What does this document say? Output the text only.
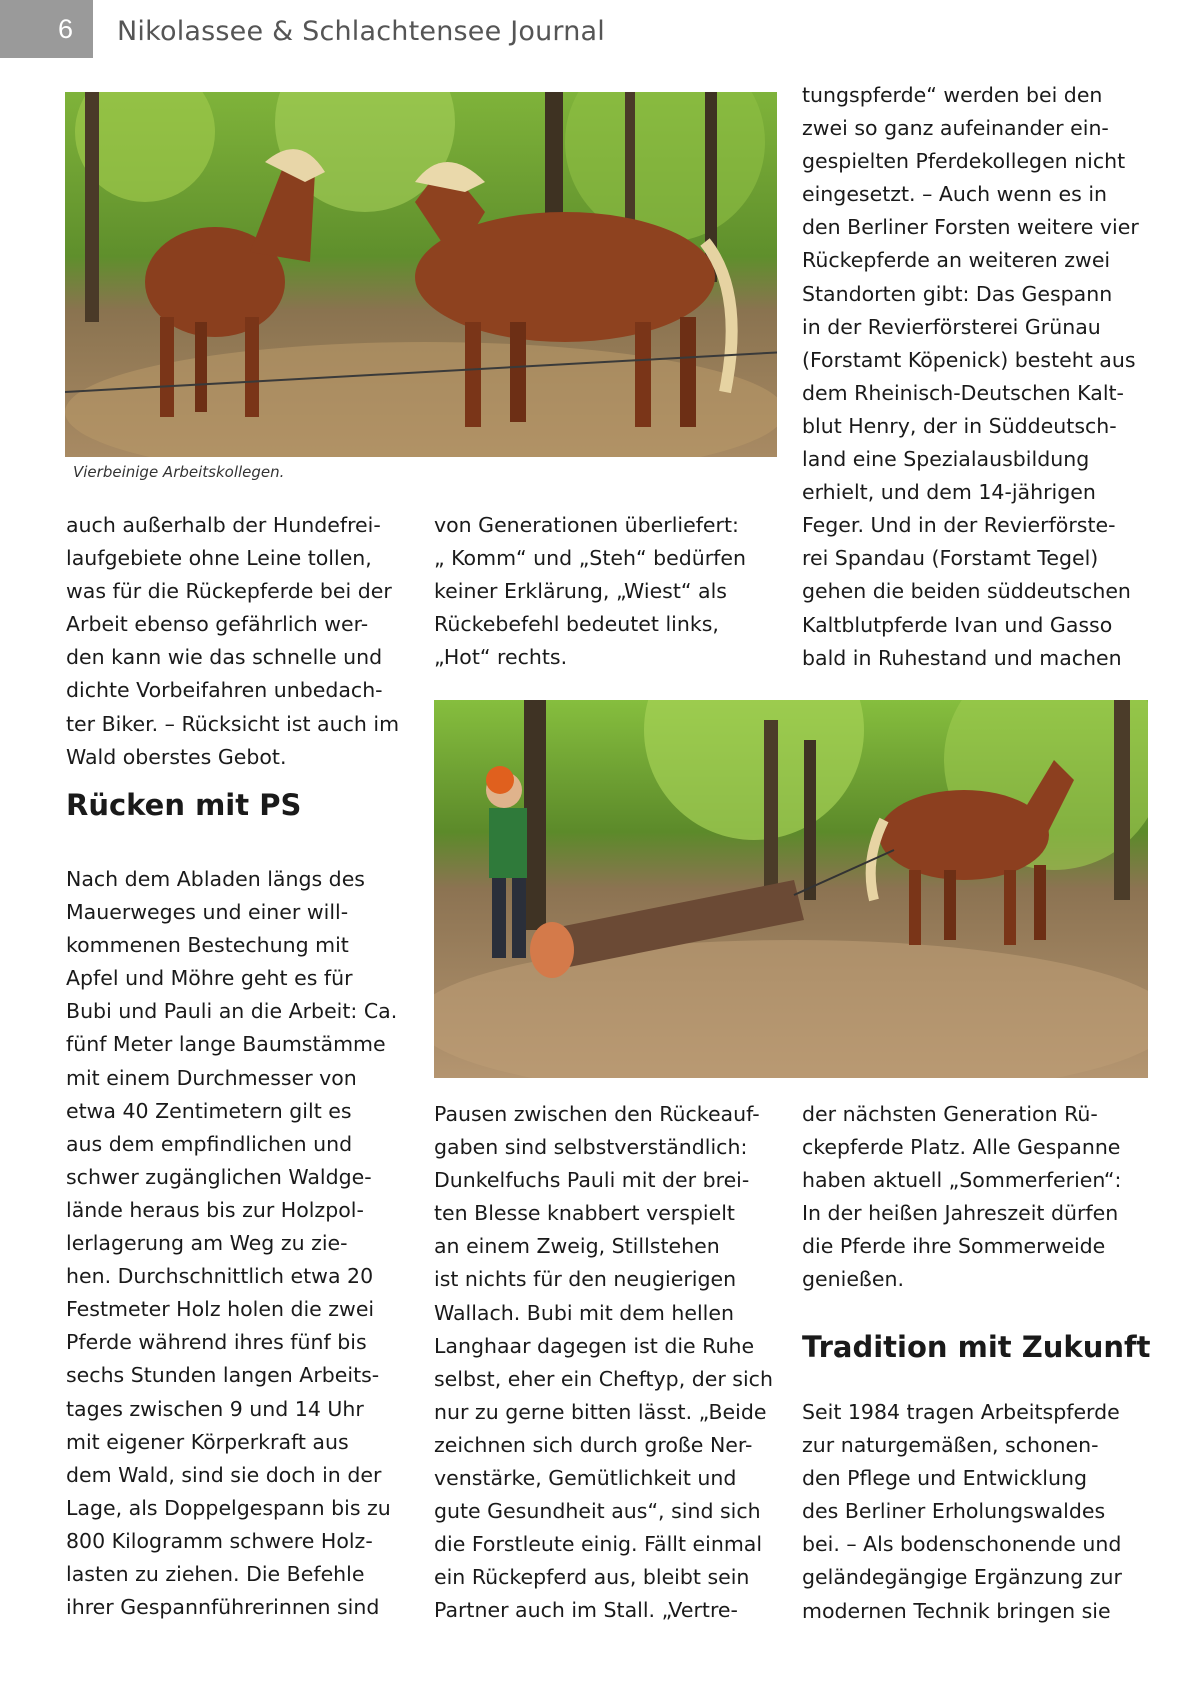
6	Nikolassee & Schlachtensee Journal
Vierbeinige Arbeitskollegen.

tungspferde“ werden bei den
zwei so ganz aufeinander ein-
gespielten Pferdekollegen nicht
eingesetzt. – Auch wenn es in
den Berliner Forsten weitere vier
Rückepferde an weiteren zwei
Standorten gibt: Das Gespann
in der Revierförsterei Grünau
(Forstamt Köpenick) besteht aus
dem Rheinisch-Deutschen Kalt-
blut Henry, der in Süddeutsch-
land eine Spezialausbildung
erhielt, und dem 14-jährigen
Feger. Und in der Revierförste-
rei Spandau (Forstamt Tegel)
gehen die beiden süddeutschen
Kaltblutpferde Ivan und Gasso
bald in Ruhestand und machen

auch außerhalb der Hundefrei-
laufgebiete ohne Leine tollen,
was für die Rückepferde bei der
Arbeit ebenso gefährlich wer-
den kann wie das schnelle und
dichte Vorbeifahren unbedach-
ter Biker. – Rücksicht ist auch im
Wald oberstes Gebot.

von Generationen überliefert:
„ Komm“ und „Steh“ bedürfen
keiner Erklärung, „Wiest“ als
Rückebefehl bedeutet links,
„Hot“ rechts.

Rücken mit PS

Nach dem Abladen längs des
Mauerweges und einer will-
kommenen Bestechung mit
Apfel und Möhre geht es für
Bubi und Pauli an die Arbeit: Ca.
fünf Meter lange Baumstämme
mit einem Durchmesser von
etwa 40 Zentimetern gilt es
aus dem empfindlichen und
schwer zugänglichen Waldge-
lände heraus bis zur Holzpol-
lerlagerung am Weg zu zie-
hen. Durchschnittlich etwa 20
Festmeter Holz holen die zwei
Pferde während ihres fünf bis
sechs Stunden langen Arbeits-
tages zwischen 9 und 14 Uhr
mit eigener Körperkraft aus
dem Wald, sind sie doch in der
Lage, als Doppelgespann bis zu
800 Kilogramm schwere Holz-
lasten zu ziehen. Die Befehle
ihrer Gespannführerinnen sind

Pausen zwischen den Rückeauf-
gaben sind selbstverständlich:
Dunkelfuchs Pauli mit der brei-
ten Blesse knabbert verspielt
an einem Zweig, Stillstehen
ist nichts für den neugierigen
Wallach. Bubi mit dem hellen
Langhaar dagegen ist die Ruhe
selbst, eher ein Cheftyp, der sich
nur zu gerne bitten lässt. „Beide
zeichnen sich durch große Ner-
venstärke, Gemütlichkeit und
gute Gesundheit aus“, sind sich
die Forstleute einig. Fällt einmal
ein Rückepferd aus, bleibt sein
Partner auch im Stall. „Vertre-

der nächsten Generation Rü-
ckepferde Platz. Alle Gespanne
haben aktuell „Sommerferien“:
In der heißen Jahreszeit dürfen
die Pferde ihre Sommerweide
genießen.

Tradition mit Zukunft

Seit 1984 tragen Arbeitspferde
zur naturgemäßen, schonen-
den Pflege und Entwicklung
des Berliner Erholungswaldes
bei. – Als bodenschonende und
geländegängige Ergänzung zur
modernen Technik bringen sie
